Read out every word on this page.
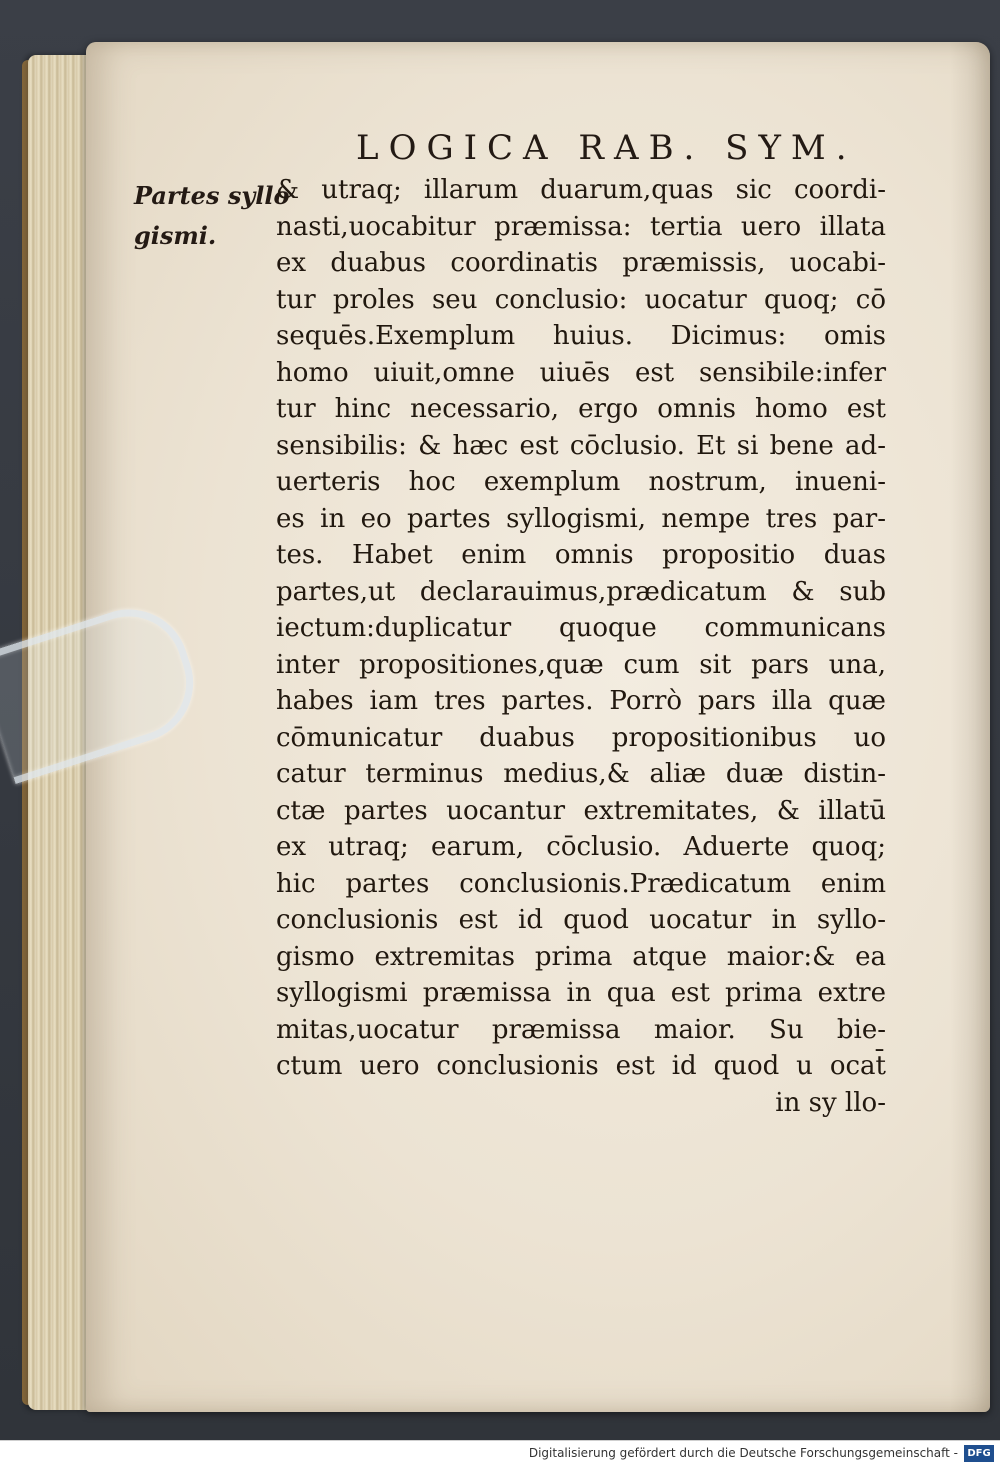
LOGICA RAB. SYM.
Partes syllo
gismi.
& utraq; illarum duarum,quas sic coordi-
nasti,uocabitur præmissa: tertia uero illata
ex duabus coordinatis præmissis, uocabi-
tur proles seu conclusio: uocatur quoq; cō
sequēs.Exemplum huius. Dicimus: omis
homo uiuit,omne uiuēs est sensibile:infer
tur hinc necessario, ergo omnis homo est
sensibilis: & hæc est cōclusio. Et si bene ad-
uerteris hoc exemplum nostrum, inueni-
es in eo partes syllogismi, nempe tres par-
tes. Habet enim omnis propositio duas
partes,ut declarauimus,prædicatum & sub
iectum:duplicatur quoque communicans
inter propositiones,quæ cum sit pars una,
habes iam tres partes. Porrò pars illa quæ
cōmunicatur duabus propositionibus uo
catur terminus medius,& aliæ duæ distin-
ctæ partes uocantur extremitates, & illatū
ex utraq; earum, cōclusio. Aduerte quoq;
hic partes conclusionis.Prædicatum enim
conclusionis est id quod uocatur in syllo-
gismo extremitas prima atque maior:& ea
syllogismi præmissa in qua est prima extre
mitas,uocatur præmissa maior. Su bie-
ctum uero conclusionis est id quod u ocat̄
in sy llo-
Digitalisierung gefördert durch die Deutsche Forschungsgemeinschaft - DFG
